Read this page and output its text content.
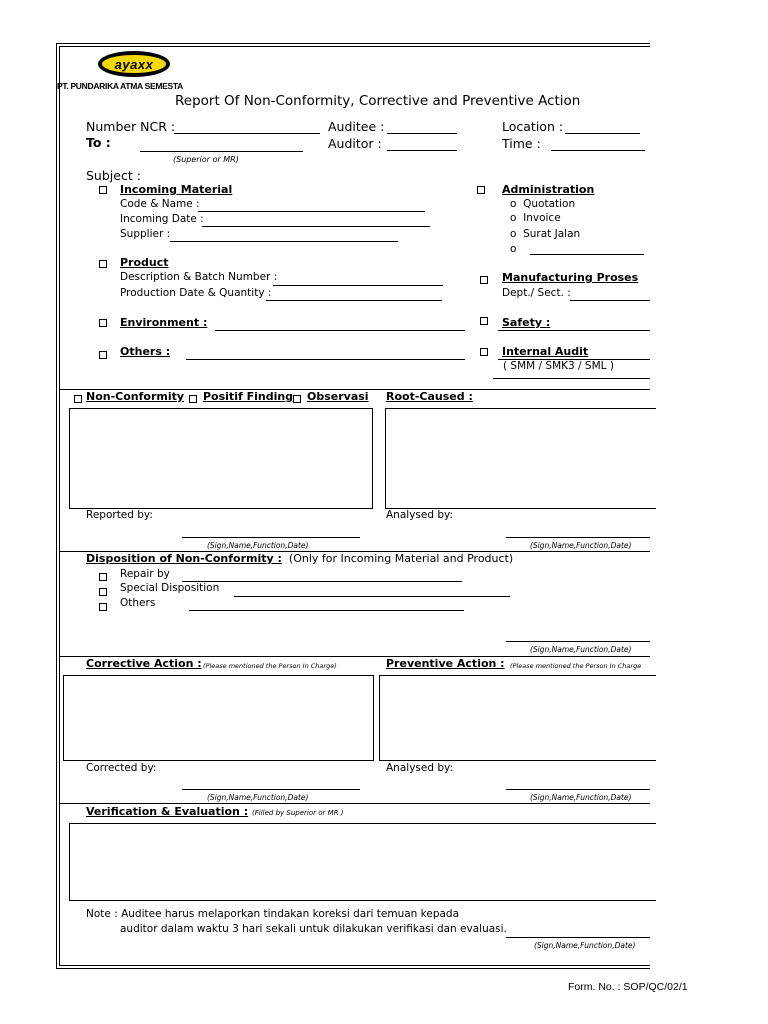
ayaxx
PT. PUNDARIKA ATMA SEMESTA
Report Of Non-Conformity, Corrective and Preventive Action
Number NCR :	Auditee :	Location :
To :	Auditor :	Time :
(Superior or MR)
Subject :
Incoming Material
Code & Name :
Incoming Date :
Supplier :
Product
Description & Batch Number :
Production Date & Quantity :
Environment :
Others :
Administration
o  Quotation
o  Invoice
o  Surat Jalan
o
Manufacturing Proses
Dept./ Sect. :
Safety :
Internal Audit
( SMM / SMK3 / SML )
Non-Conformity Positif Finding Observasi Root-Caused :
Reported by:	Analysed by:
(Sign,Name,Function,Date)	(Sign,Name,Function,Date)
Disposition of Non-Conformity : (Only for Incoming Material and Product)
Repair by
Special Disposition
Others
(Sign,Name,Function,Date)
Corrective Action : (Please mentioned the Person In Charge)	Preventive Action : (Please mentioned the Person In Charge
Corrected by:	Analysed by:
(Sign,Name,Function,Date)	(Sign,Name,Function,Date)
Verification & Evaluation : (Filled by Superior or MR )
Note : Auditee harus melaporkan tindakan koreksi dari temuan kepada
auditor dalam waktu 3 hari sekali untuk dilakukan verifikasi dan evaluasi.
(Sign,Name,Function,Date)
Form. No. : SOP/QC/02/1
